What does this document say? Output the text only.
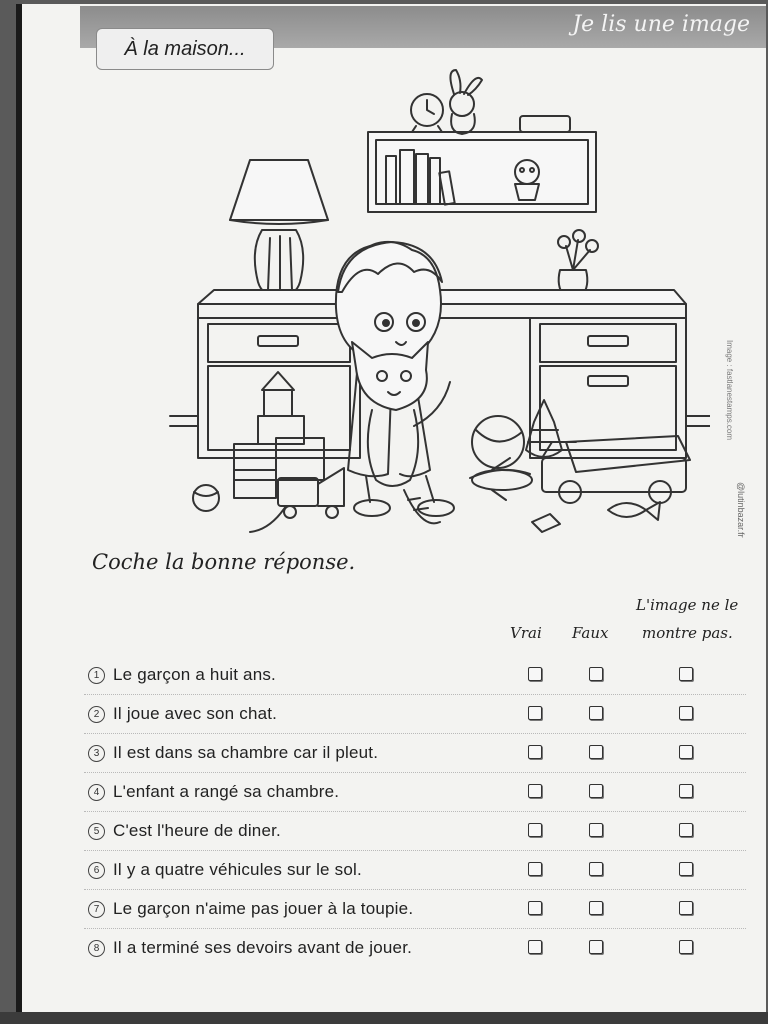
Je lis une image
À la maison...
Image : fastlanestamps.com
@lutinbazar.fr
Coche la bonne réponse.
Vrai Faux
L'image ne le
montre pas.
1 Le garçon a huit ans.
2 Il joue avec son chat.
3 Il est dans sa chambre car il pleut.
4 L'enfant a rangé sa chambre.
5 C'est l'heure de diner.
6 Il y a quatre véhicules sur le sol.
7 Le garçon n'aime pas jouer à la toupie.
8 Il a terminé ses devoirs avant de jouer.
